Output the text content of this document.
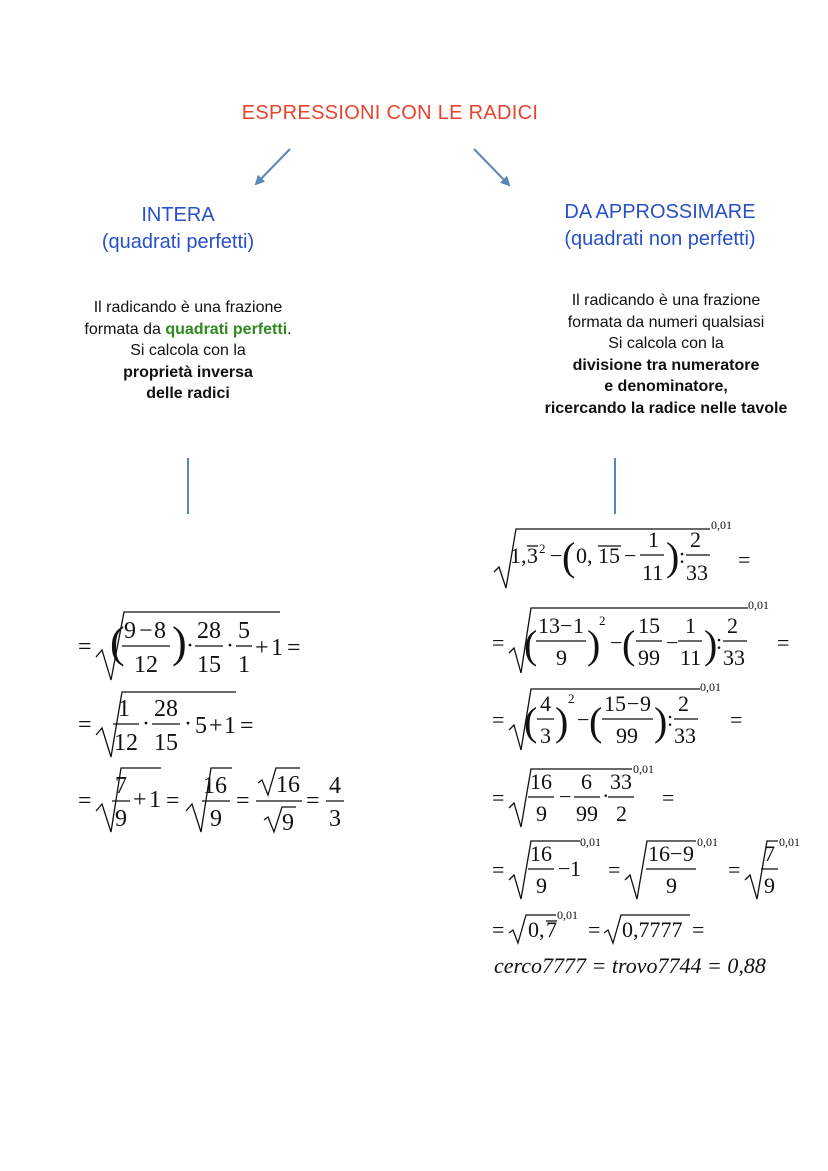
ESPRESSIONI CON LE RADICI
INTERA
(quadrati perfetti)
DA APPROSSIMARE
(quadrati non perfetti)
Il radicando è una frazione
formata da quadrati perfetti.
Si calcola con la
proprietà inversa
delle radici
Il radicando è una frazione
formata da numeri qualsiasi
Si calcola con la
divisione tra numeratore
e denominatore,
ricercando la radice nelle tavole
= ( 9 − 8
12 ) ·
28
15
·
5
1
+ 1 =
=
1
12
·
28
15
· 5 + 1 =
=
7
9
+ 1 =
16
9
=
16
9
=
4
3
1, 3 2 − ( 0, 15 −
1
11 ) :
2
33
0,01
=
= ( 13 − 1
9 )
2
− ( 15
99
−
1
11 )
:
2
33
0,01
=
= ( 4
3 )
2
− ( 15 − 9
99 ) :
2
33
0,01
=
=
16
9
−
6
99
·
33
2
0,01
=
=
16
9
− 1
0,01
=
16 − 9
9
0,01
=
7
9
0,01
= 0, 7
0,01
= 0,7777 =
cerco7777 = trovo7744 = 0,88
